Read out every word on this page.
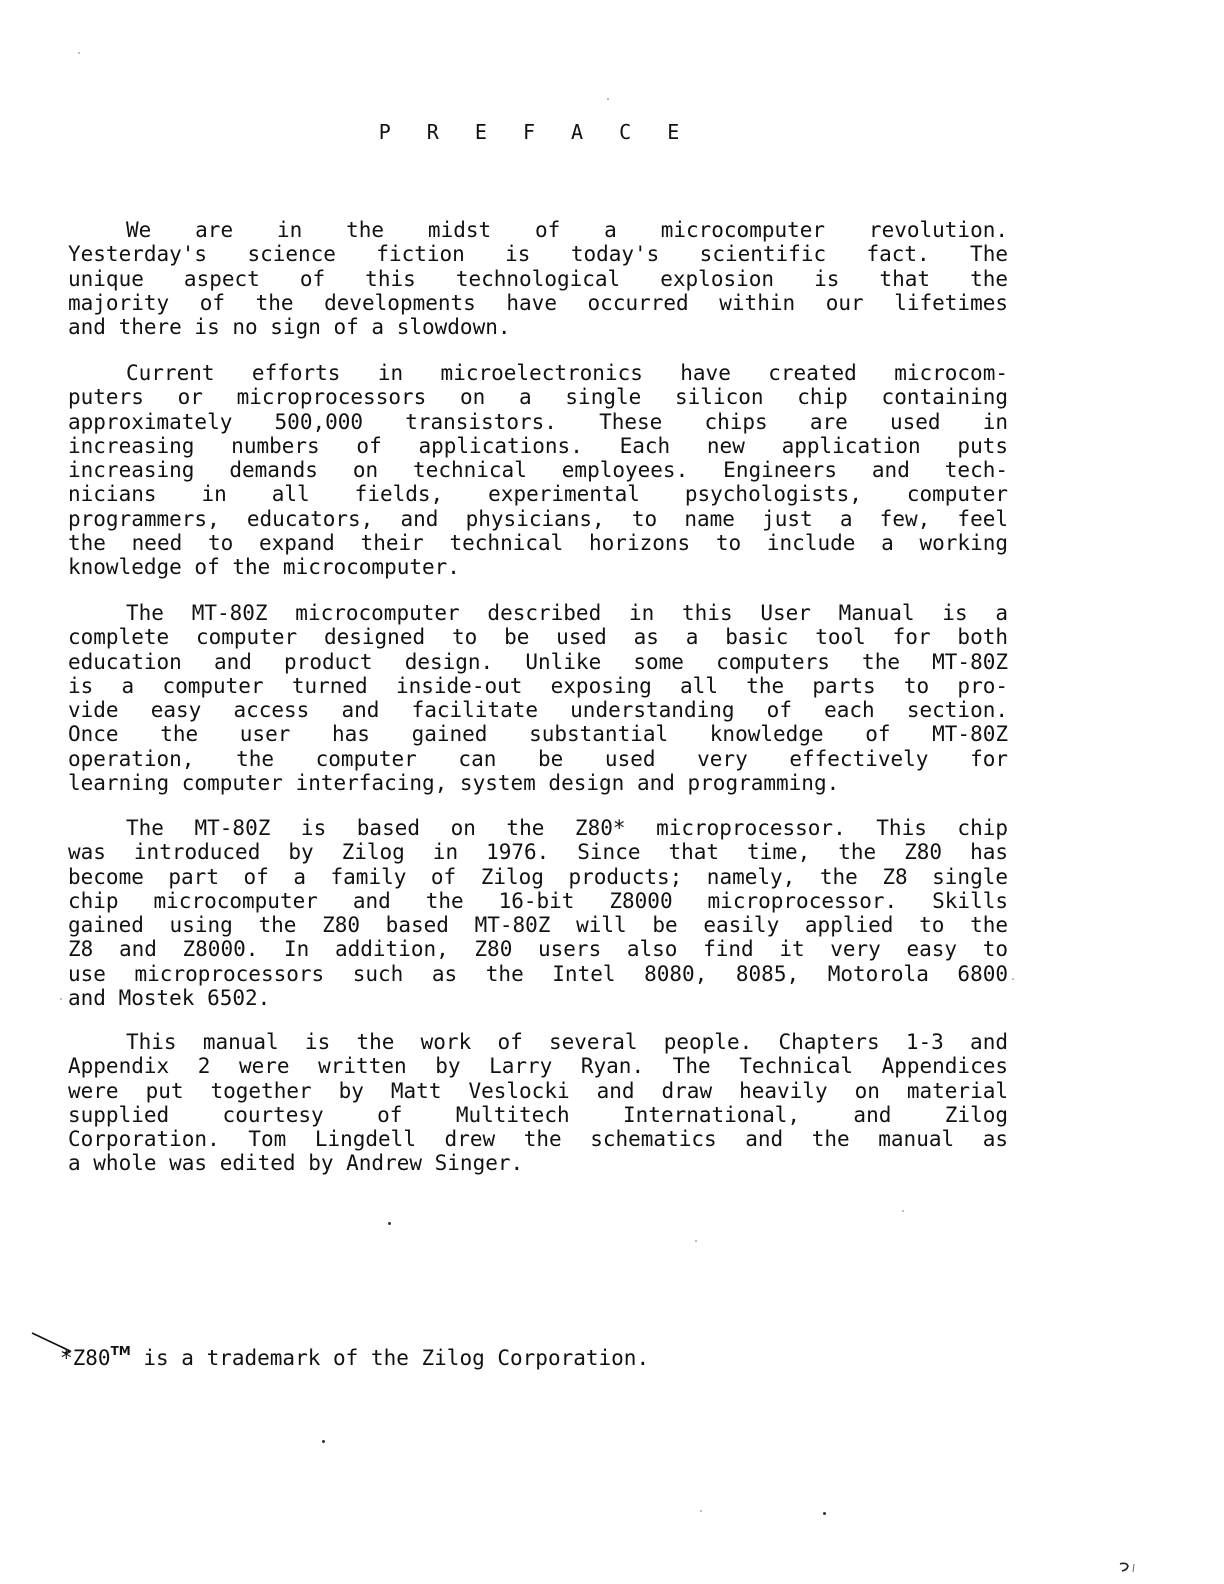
P R E F A C E
We are in the midst of a microcomputer revolution.
Yesterday's science fiction is today's scientific fact. The
unique aspect of this technological explosion is that the
majority of the developments have occurred within our lifetimes
and there is no sign of a slowdown.
Current efforts in microelectronics have created microcom-
puters or microprocessors on a single silicon chip containing
approximately 500,000 transistors. These chips are used in
increasing numbers of applications. Each new application puts
increasing demands on technical employees. Engineers and tech-
nicians in all fields, experimental psychologists, computer
programmers, educators, and physicians, to name just a few, feel
the need to expand their technical horizons to include a working
knowledge of the microcomputer.
The MT-80Z microcomputer described in this User Manual is a
complete computer designed to be used as a basic tool for both
education and product design. Unlike some computers the MT-80Z
is a computer turned inside-out exposing all the parts to pro-
vide easy access and facilitate understanding of each section.
Once the user has gained substantial knowledge of MT-80Z
operation, the computer can be used very effectively for
learning computer interfacing, system design and programming.
The MT-80Z is based on the Z80* microprocessor. This chip
was introduced by Zilog in 1976. Since that time, the Z80 has
become part of a family of Zilog products; namely, the Z8 single
chip microcomputer and the 16-bit Z8000 microprocessor. Skills
gained using the Z80 based MT-80Z will be easily applied to the
Z8 and Z8000. In addition, Z80 users also find it very easy to
use microprocessors such as the Intel 8080, 8085, Motorola 6800
and Mostek 6502.
This manual is the work of several people. Chapters 1-3 and
Appendix 2 were written by Larry Ryan. The Technical Appendices
were put together by Matt Veslocki and draw heavily on material
supplied courtesy of Multitech International, and Zilog
Corporation. Tom Lingdell drew the schematics and the manual as
a whole was edited by Andrew Singer.
*Z80™ is a trademark of the Zilog Corporation.
